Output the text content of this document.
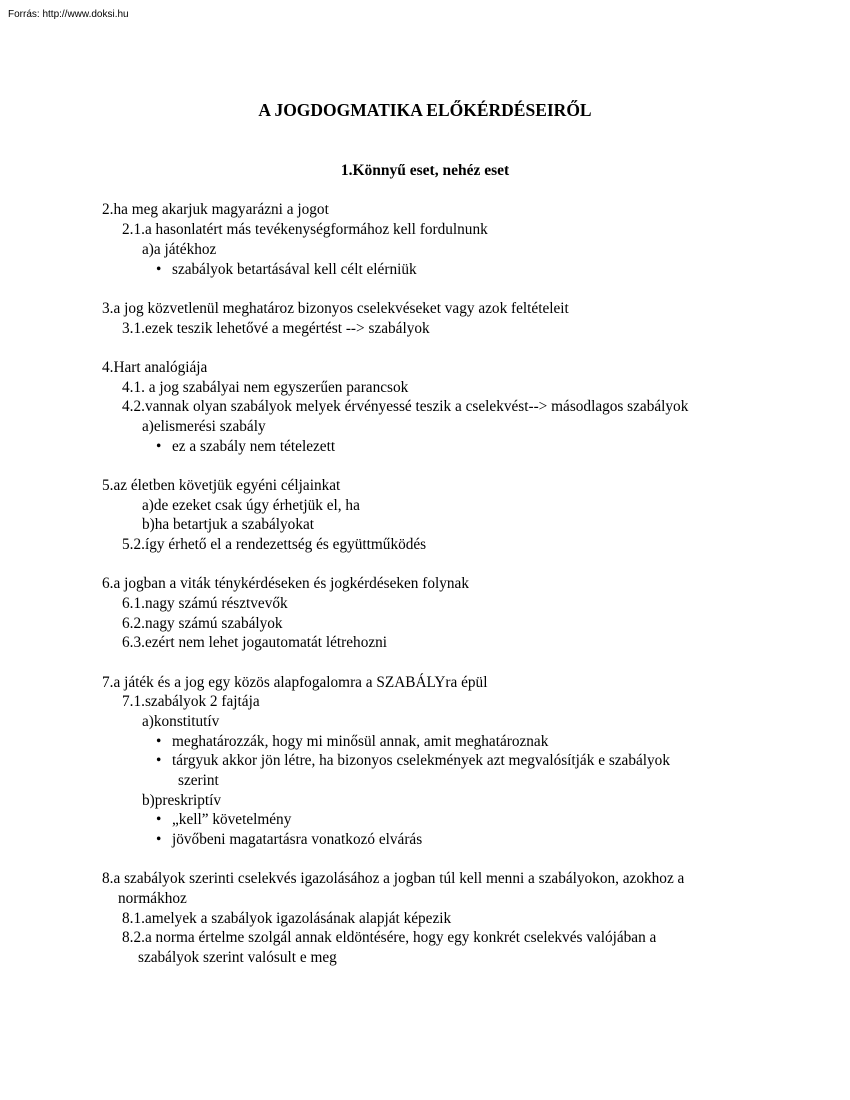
Forrás: http://www.doksi.hu
A JOGDOGMATIKA ELŐKÉRDÉSEIRŐL
1.Könnyű eset, nehéz eset
2.ha meg akarjuk magyarázni a jogot
2.1.a hasonlatért más tevékenységformához kell fordulnunk
a)a játékhoz
• szabályok betartásával kell célt elérniük
3.a jog közvetlenül meghatároz bizonyos cselekvéseket vagy azok feltételeit
3.1.ezek teszik lehetővé a megértést --> szabályok
4.Hart analógiája
4.1. a jog szabályai nem egyszerűen parancsok
4.2.vannak olyan szabályok melyek érvényessé teszik a cselekvést--> másodlagos szabályok
a)elismerési szabály
• ez a szabály nem tételezett
5.az életben követjük egyéni céljainkat
a)de ezeket csak úgy érhetjük el, ha
b)ha betartjuk a szabályokat
5.2.így érhető el a rendezettség és együttműködés
6.a jogban a viták ténykérdéseken és jogkérdéseken folynak
6.1.nagy számú résztvevők
6.2.nagy számú szabályok
6.3.ezért nem lehet jogautomatát létrehozni
7.a játék és a jog egy közös alapfogalomra a SZABÁLYra épül
7.1.szabályok 2 fajtája
a)konstitutív
• meghatározzák, hogy mi minősül annak, amit meghatároznak
• tárgyuk akkor jön létre, ha bizonyos cselekmények azt megvalósítják e szabályok
szerint
b)preskriptív
• „kell” követelmény
• jövőbeni magatartásra vonatkozó elvárás
8.a szabályok szerinti cselekvés igazolásához a jogban túl kell menni a szabályokon, azokhoz a
normákhoz
8.1.amelyek a szabályok igazolásának alapját képezik
8.2.a norma értelme szolgál annak eldöntésére, hogy egy konkrét cselekvés valójában a
szabályok szerint valósult e meg
